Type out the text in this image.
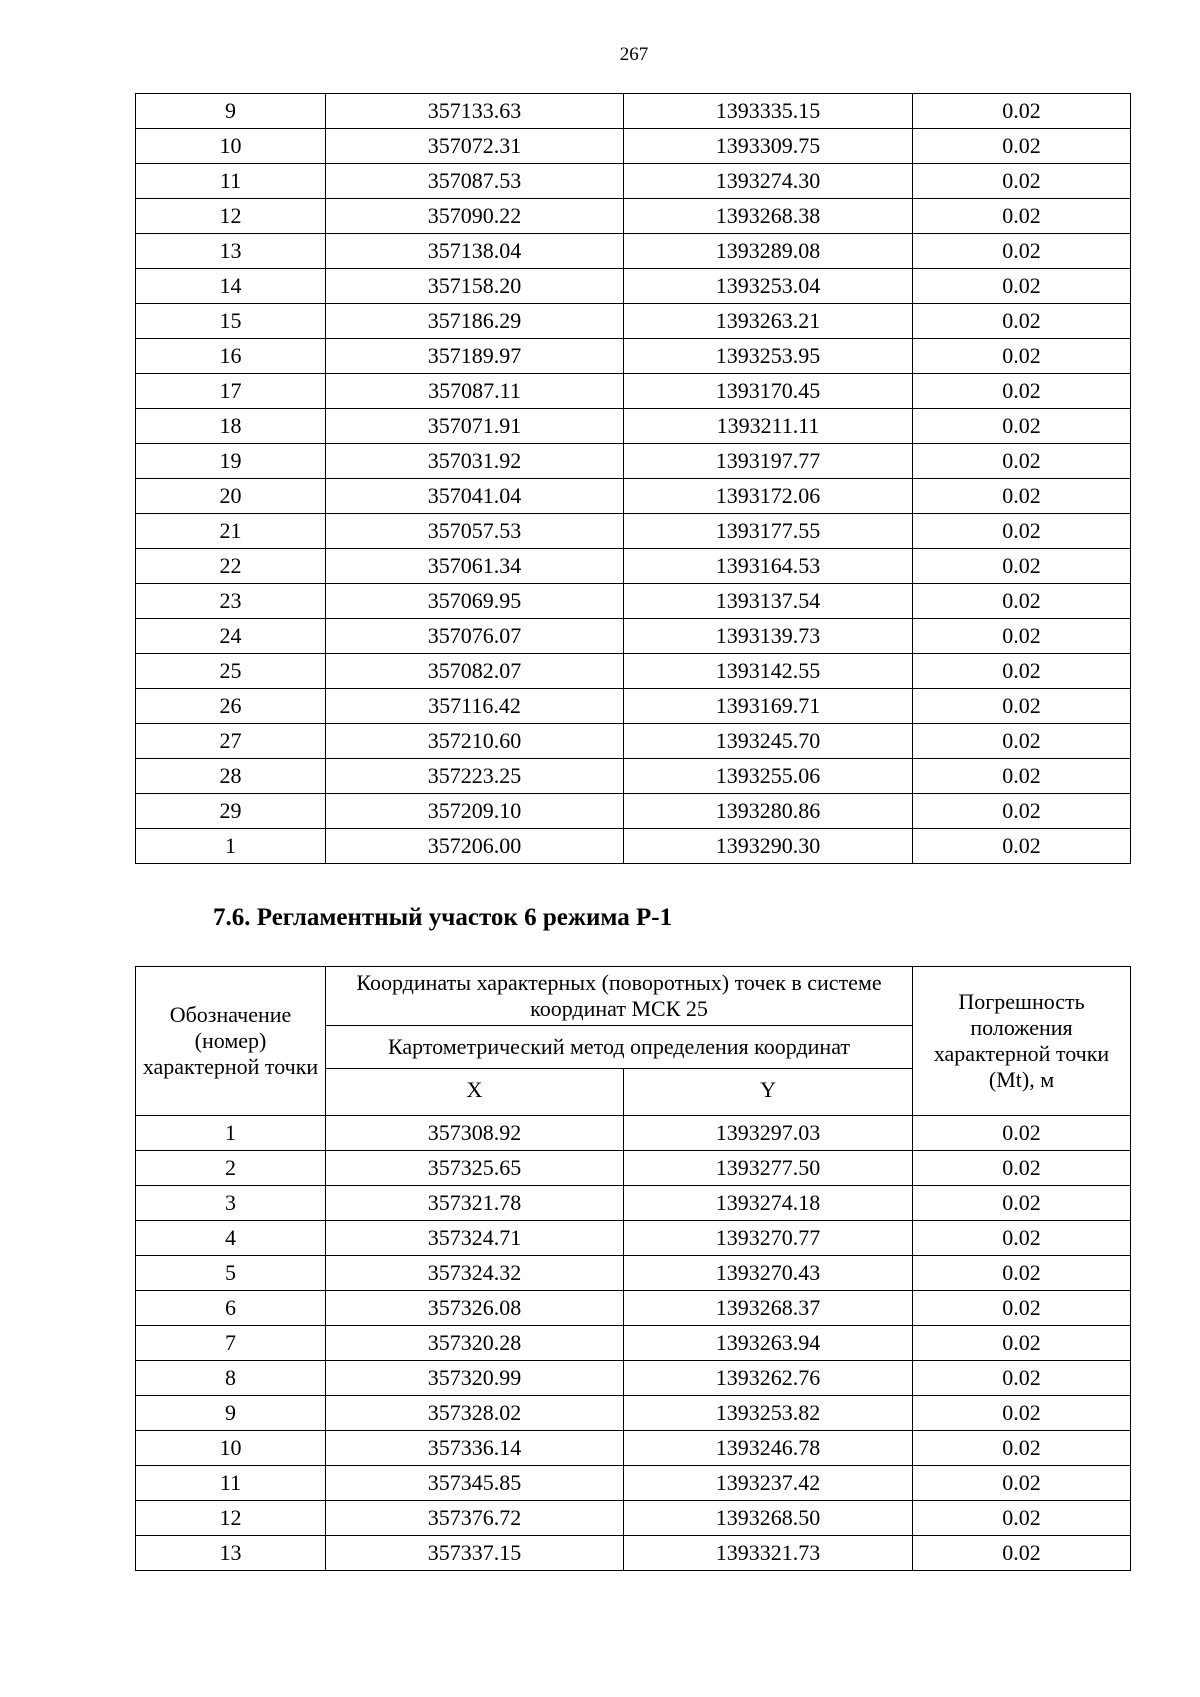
267
9	357133.63	1393335.15	0.02
10	357072.31	1393309.75	0.02
11	357087.53	1393274.30	0.02
12	357090.22	1393268.38	0.02
13	357138.04	1393289.08	0.02
14	357158.20	1393253.04	0.02
15	357186.29	1393263.21	0.02
16	357189.97	1393253.95	0.02
17	357087.11	1393170.45	0.02
18	357071.91	1393211.11	0.02
19	357031.92	1393197.77	0.02
20	357041.04	1393172.06	0.02
21	357057.53	1393177.55	0.02
22	357061.34	1393164.53	0.02
23	357069.95	1393137.54	0.02
24	357076.07	1393139.73	0.02
25	357082.07	1393142.55	0.02
26	357116.42	1393169.71	0.02
27	357210.60	1393245.70	0.02
28	357223.25	1393255.06	0.02
29	357209.10	1393280.86	0.02
1	357206.00	1393290.30	0.02
7.6. Регламентный участок 6 режима Р-1
Обозначение (номер) характерной точки	Координаты характерных (поворотных) точек в системе координат МСК 25		Погрешность положения характерной точки (Mt), м
	Картометрический метод определения координат		
	X	Y	
1	357308.92	1393297.03	0.02
2	357325.65	1393277.50	0.02
3	357321.78	1393274.18	0.02
4	357324.71	1393270.77	0.02
5	357324.32	1393270.43	0.02
6	357326.08	1393268.37	0.02
7	357320.28	1393263.94	0.02
8	357320.99	1393262.76	0.02
9	357328.02	1393253.82	0.02
10	357336.14	1393246.78	0.02
11	357345.85	1393237.42	0.02
12	357376.72	1393268.50	0.02
13	357337.15	1393321.73	0.02
